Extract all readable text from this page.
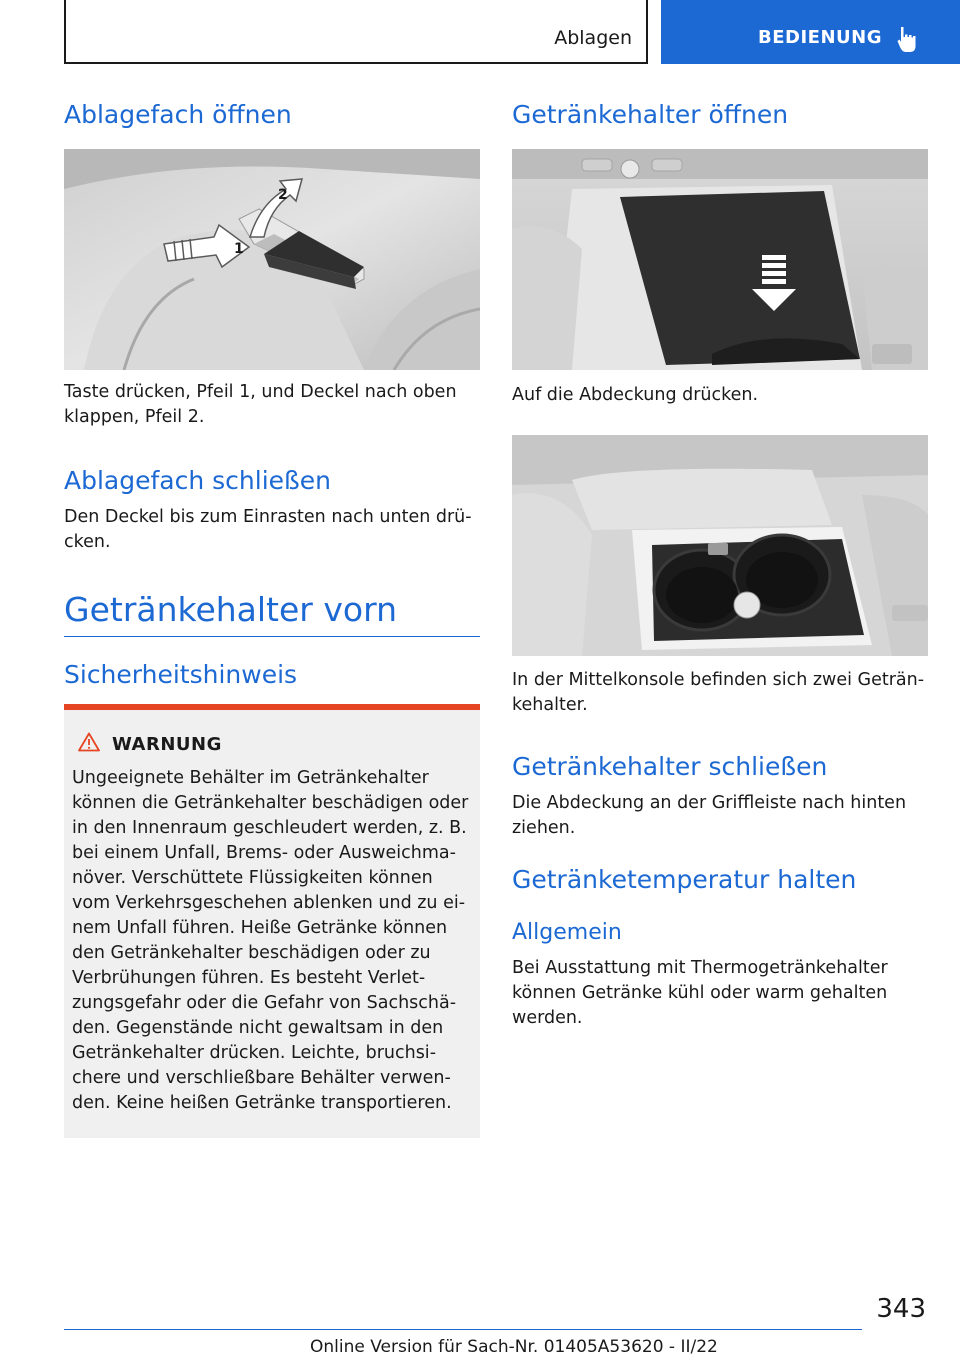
Ablagen	BEDIENUNG
Ablagefach öffnen
1
2

Taste drücken, Pfeil 1, und Deckel nach oben klappen, Pfeil 2.

Ablagefach schließen

Den Deckel bis zum Einrasten nach unten drücken.

Getränkehalter vorn
Sicherheitshinweis
WARNUNG
Ungeeignete Behälter im Getränkehalter können die Getränkehalter beschädigen oder in den Innenraum geschleudert werden, z. B. bei einem Unfall, Brems- oder Ausweichmanöver. Verschüttete Flüssigkeiten können vom Verkehrsgeschehen ablenken und zu einem Unfall führen. Heiße Getränke können den Getränkehalter beschädigen oder zu Verbrühungen führen. Es besteht Verletzungsgefahr oder die Gefahr von Sachschäden. Gegenstände nicht gewaltsam in den Getränkehalter drücken. Leichte, bruchsichere und verschließbare Behälter verwenden. Keine heißen Getränke transportieren.
Getränkehalter öffnen

Auf die Abdeckung drücken.

In der Mittelkonsole befinden sich zwei Getränkehalter.

Getränkehalter schließen

Die Abdeckung an der Griffleiste nach hinten ziehen.

Getränketemperatur halten
Allgemein

Bei Ausstattung mit Thermogetränkehalter können Getränke kühl oder warm gehalten werden.

343
Online Version für Sach-Nr. 01405A53620 - II/22
